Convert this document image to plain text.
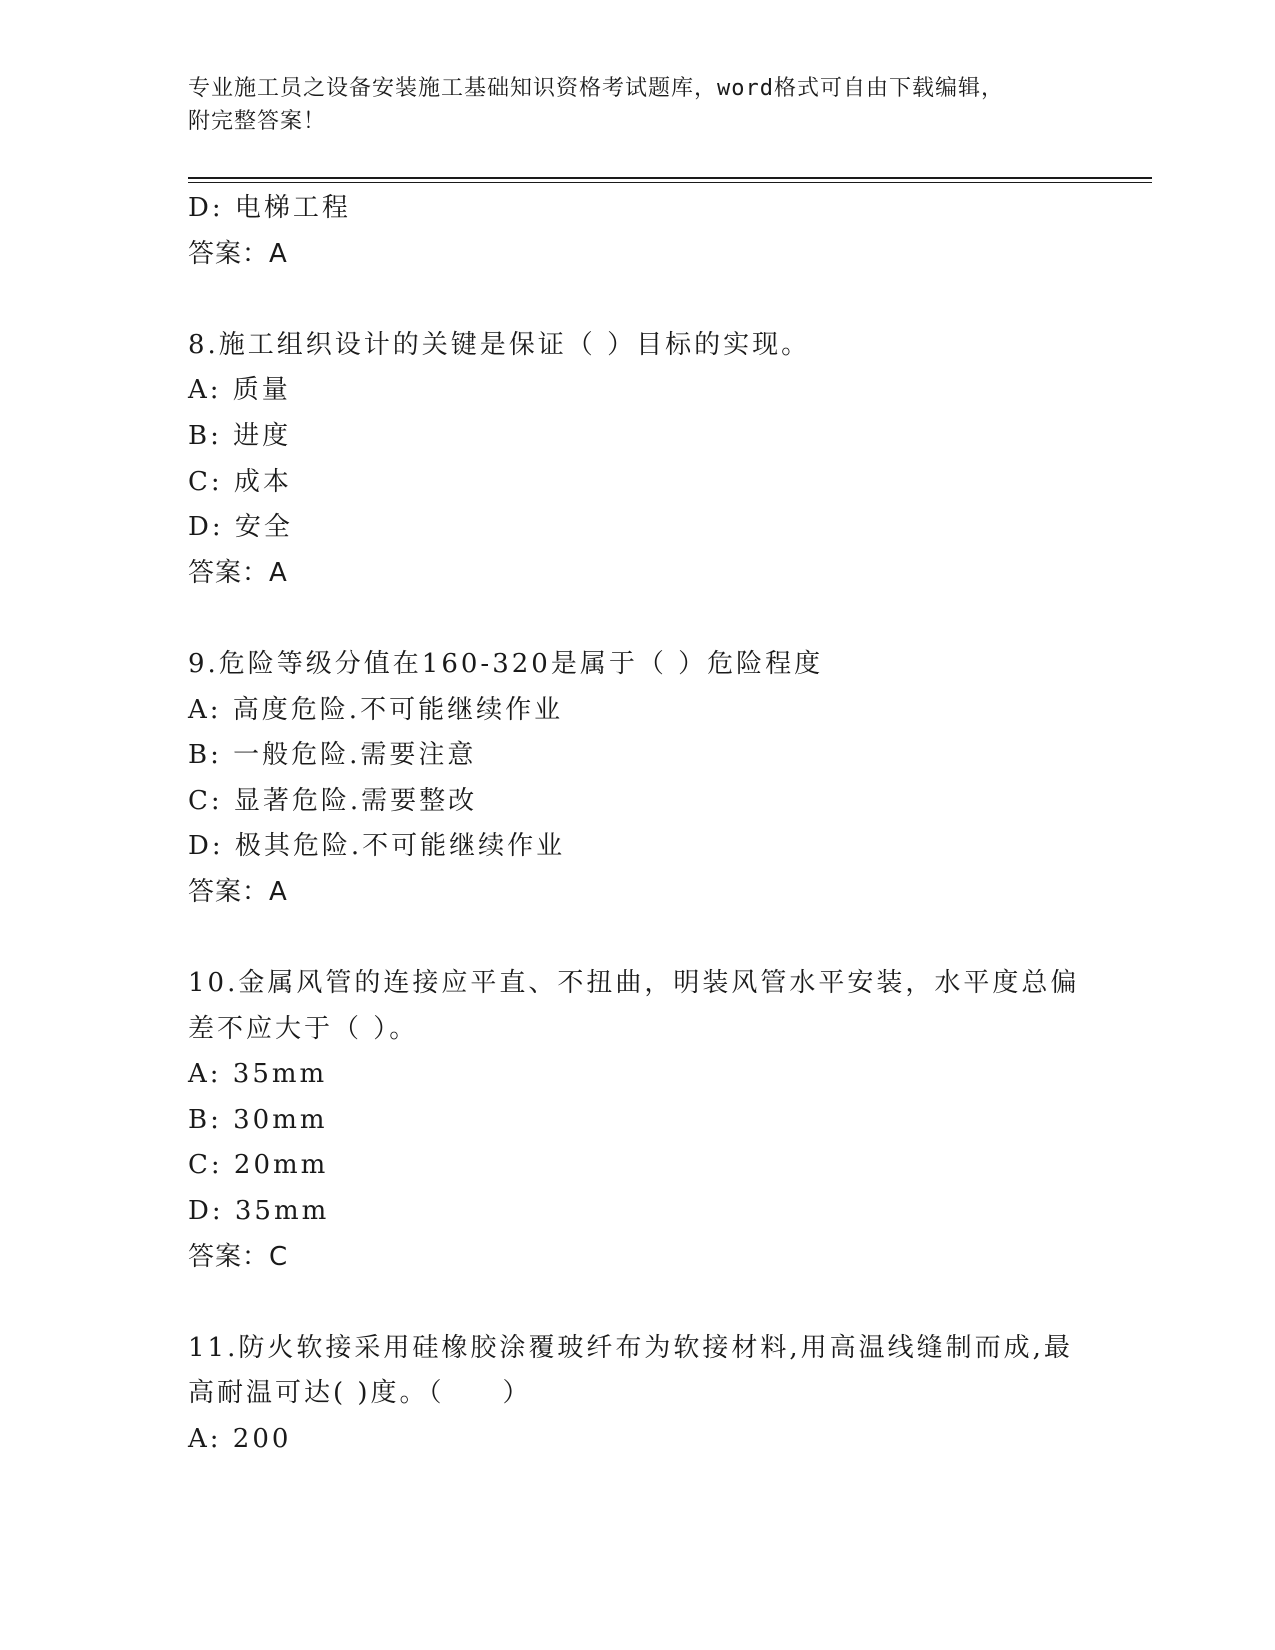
专业施工员之设备安装施工基础知识资格考试题库，word格式可自由下载编辑，
附完整答案！
D: 电梯工程
答案：A
8.施工组织设计的关键是保证（ ）目标的实现。
A: 质量
B: 进度
C: 成本
D: 安全
答案：A
9.危险等级分值在160-320是属于（ ）危险程度
A: 高度危险.不可能继续作业
B: 一般危险.需要注意
C: 显著危险.需要整改
D: 极其危险.不可能继续作业
答案：A
10.金属风管的连接应平直、不扭曲，明装风管水平安装，水平度总偏
差不应大于（ ）。
A: 35mm
B: 30mm
C: 20mm
D: 35mm
答案：C
11.防火软接采用硅橡胶涂覆玻纤布为软接材料,用高温线缝制而成,最
高耐温可达( )度。（　　）
A: 200
